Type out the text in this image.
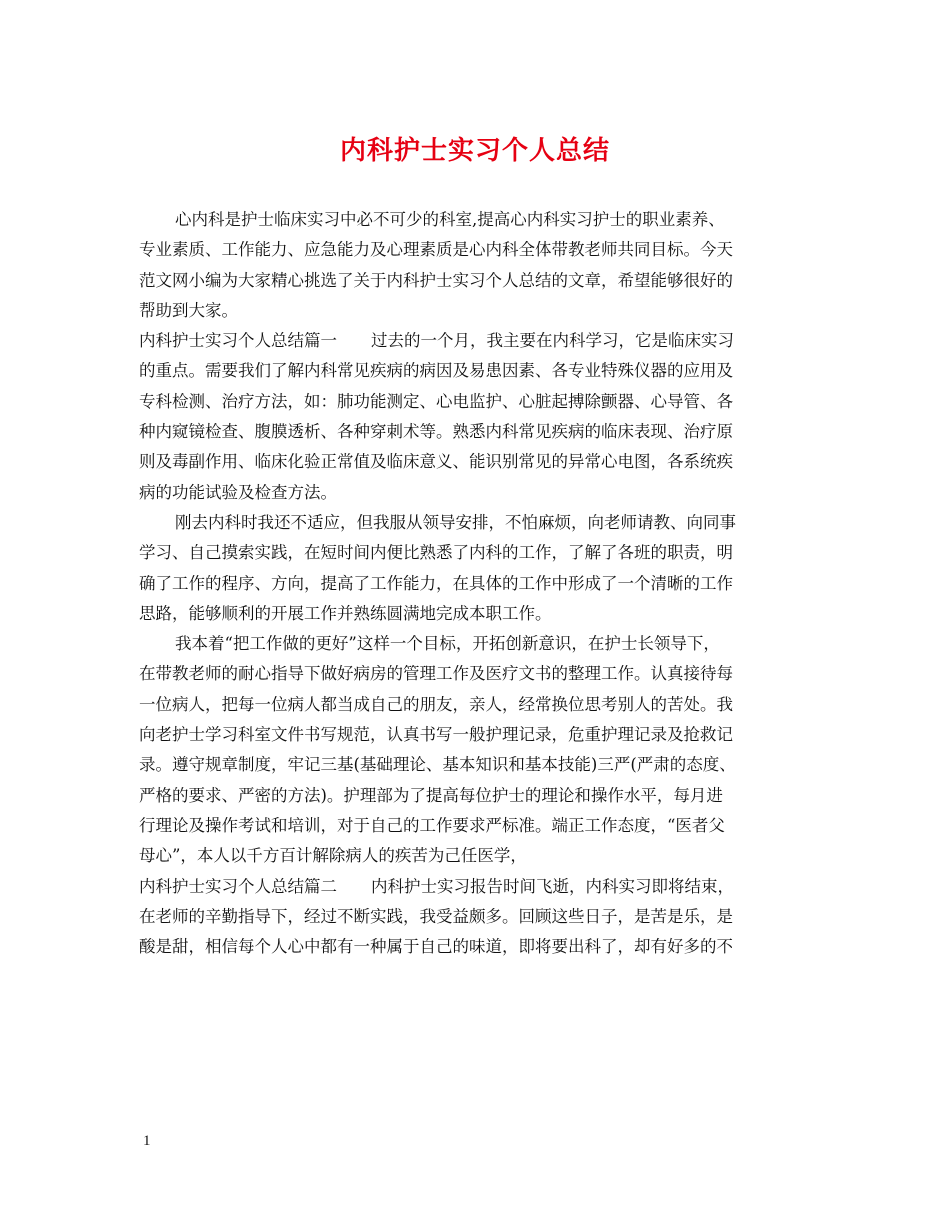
内科护士实习个人总结
心内科是护士临床实习中必不可少的科室,提高心内科实习护士的职业素养、
专业素质、工作能力、应急能力及心理素质是心内科全体带教老师共同目标。今天
范文网小编为大家精心挑选了关于内科护士实习个人总结的文章，希望能够很好的
帮助到大家。
内科护士实习个人总结篇一 过去的一个月，我主要在内科学习，它是临床实习
的重点。需要我们了解内科常见疾病的病因及易患因素、各专业特殊仪器的应用及
专科检测、治疗方法，如：肺功能测定、心电监护、心脏起搏除颤器、心导管、各
种内窥镜检查、腹膜透析、各种穿刺术等。熟悉内科常见疾病的临床表现、治疗原
则及毒副作用、临床化验正常值及临床意义、能识别常见的异常心电图，各系统疾
病的功能试验及检查方法。
刚去内科时我还不适应，但我服从领导安排，不怕麻烦，向老师请教、向同事
学习、自己摸索实践，在短时间内便比熟悉了内科的工作，了解了各班的职责，明
确了工作的程序、方向，提高了工作能力，在具体的工作中形成了一个清晰的工作
思路，能够顺利的开展工作并熟练圆满地完成本职工作。
我本着“把工作做的更好”这样一个目标，开拓创新意识，在护士长领导下，
在带教老师的耐心指导下做好病房的管理工作及医疗文书的整理工作。认真接待每
一位病人，把每一位病人都当成自己的朋友，亲人，经常换位思考别人的苦处。我
向老护士学习科室文件书写规范，认真书写一般护理记录，危重护理记录及抢救记
录。遵守规章制度，牢记三基(基础理论、基本知识和基本技能)三严(严肃的态度、
严格的要求、严密的方法)。护理部为了提高每位护士的理论和操作水平，每月进
行理论及操作考试和培训，对于自己的工作要求严标准。端正工作态度，“医者父
母心”，本人以千方百计解除病人的疾苦为己任医学，
内科护士实习个人总结篇二 内科护士实习报告时间飞逝，内科实习即将结束，
在老师的辛勤指导下，经过不断实践，我受益颇多。回顾这些日子，是苦是乐，是
酸是甜，相信每个人心中都有一种属于自己的味道，即将要出科了，却有好多的不
1
